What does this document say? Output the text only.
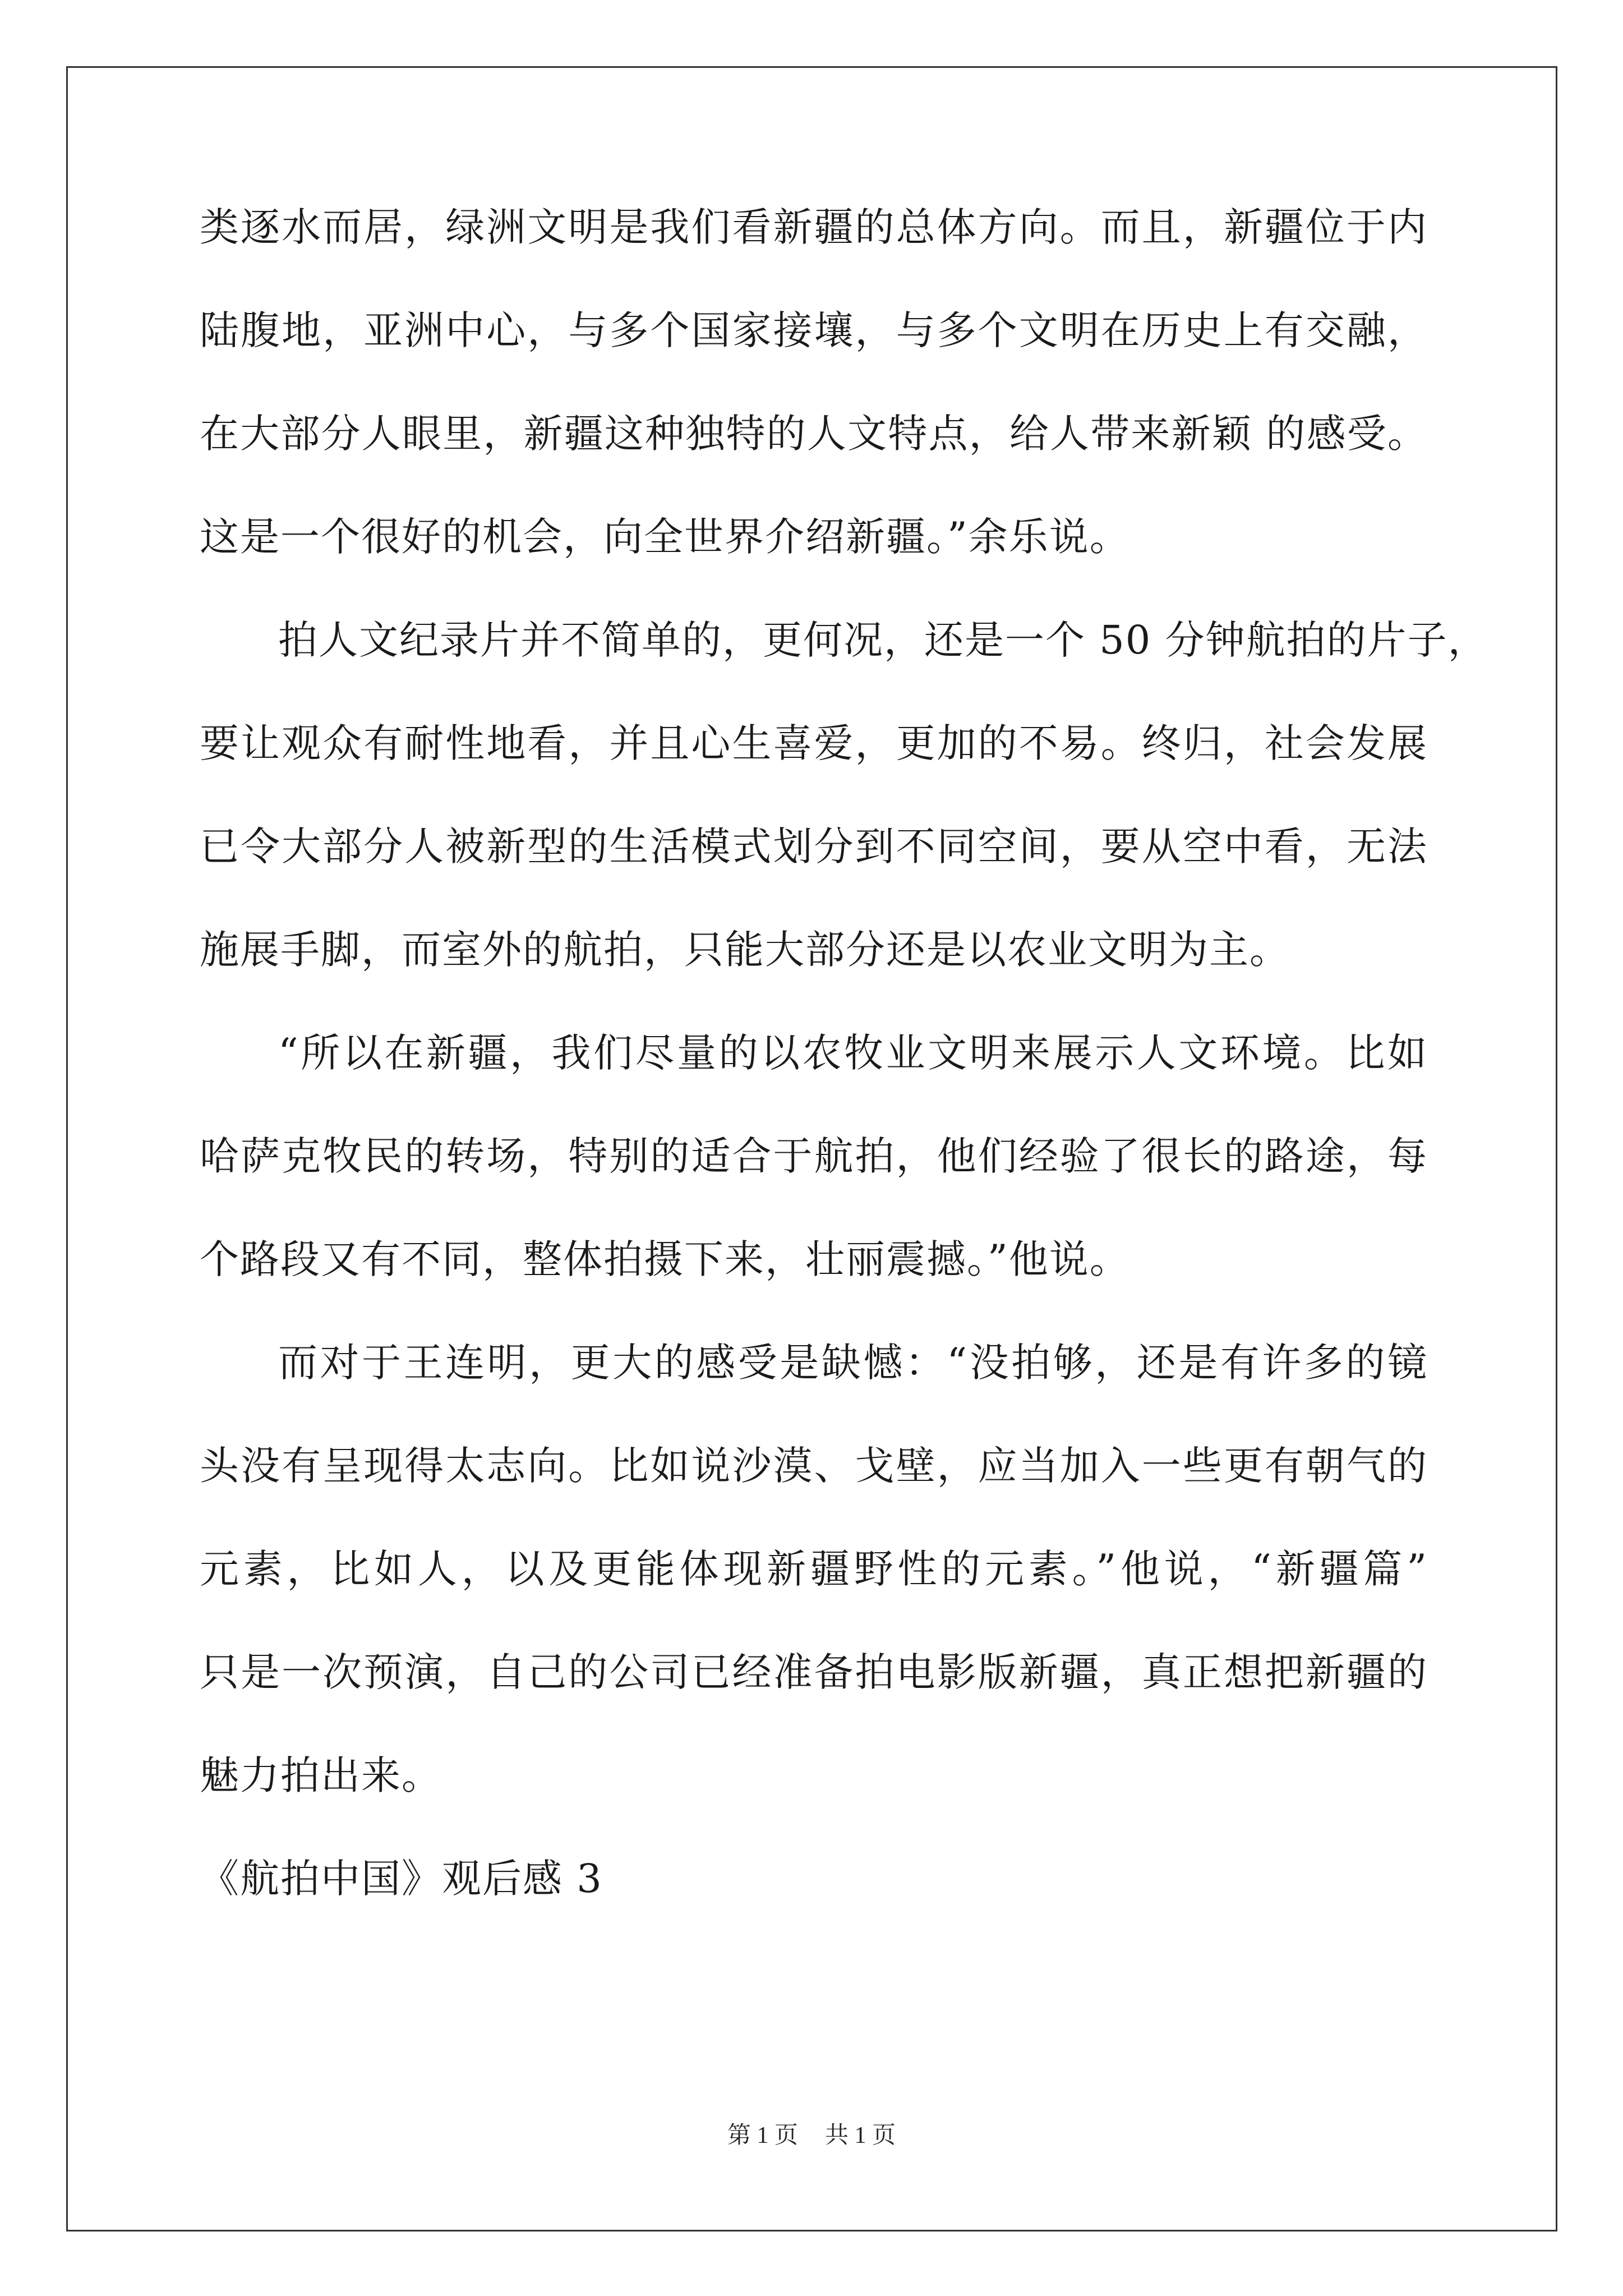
类逐水而居，绿洲文明是我们看新疆的总体方向。而且，新疆位于内
陆腹地，亚洲中心，与多个国家接壤，与多个文明在历史上有交融，
在大部分人眼里，新疆这种独特的人文特点，给人带来新颖 的感受。
这是一个很好的机会，向全世界介绍新疆。”余乐说。
拍人文纪录片并不简单的，更何况，还是一个 50 分钟航拍的片子，
要让观众有耐性地看，并且心生喜爱，更加的不易。终归，社会发展
已令大部分人被新型的生活模式划分到不同空间，要从空中看，无法
施展手脚，而室外的航拍，只能大部分还是以农业文明为主。
“所以在新疆，我们尽量的以农牧业文明来展示人文环境。比如
哈萨克牧民的转场，特别的适合于航拍，他们经验了很长的路途，每
个路段又有不同，整体拍摄下来，壮丽震撼。”他说。
而对于王连明，更大的感受是缺憾：“没拍够，还是有许多的镜
头没有呈现得太志向。比如说沙漠、戈壁，应当加入一些更有朝气的
元素，比如人，以及更能体现新疆野性的元素。”他说，“新疆篇”
只是一次预演，自己的公司已经准备拍电影版新疆，真正想把新疆的
魅力拍出来。
《航拍中国》观后感 3
第 1 页 共 1 页
